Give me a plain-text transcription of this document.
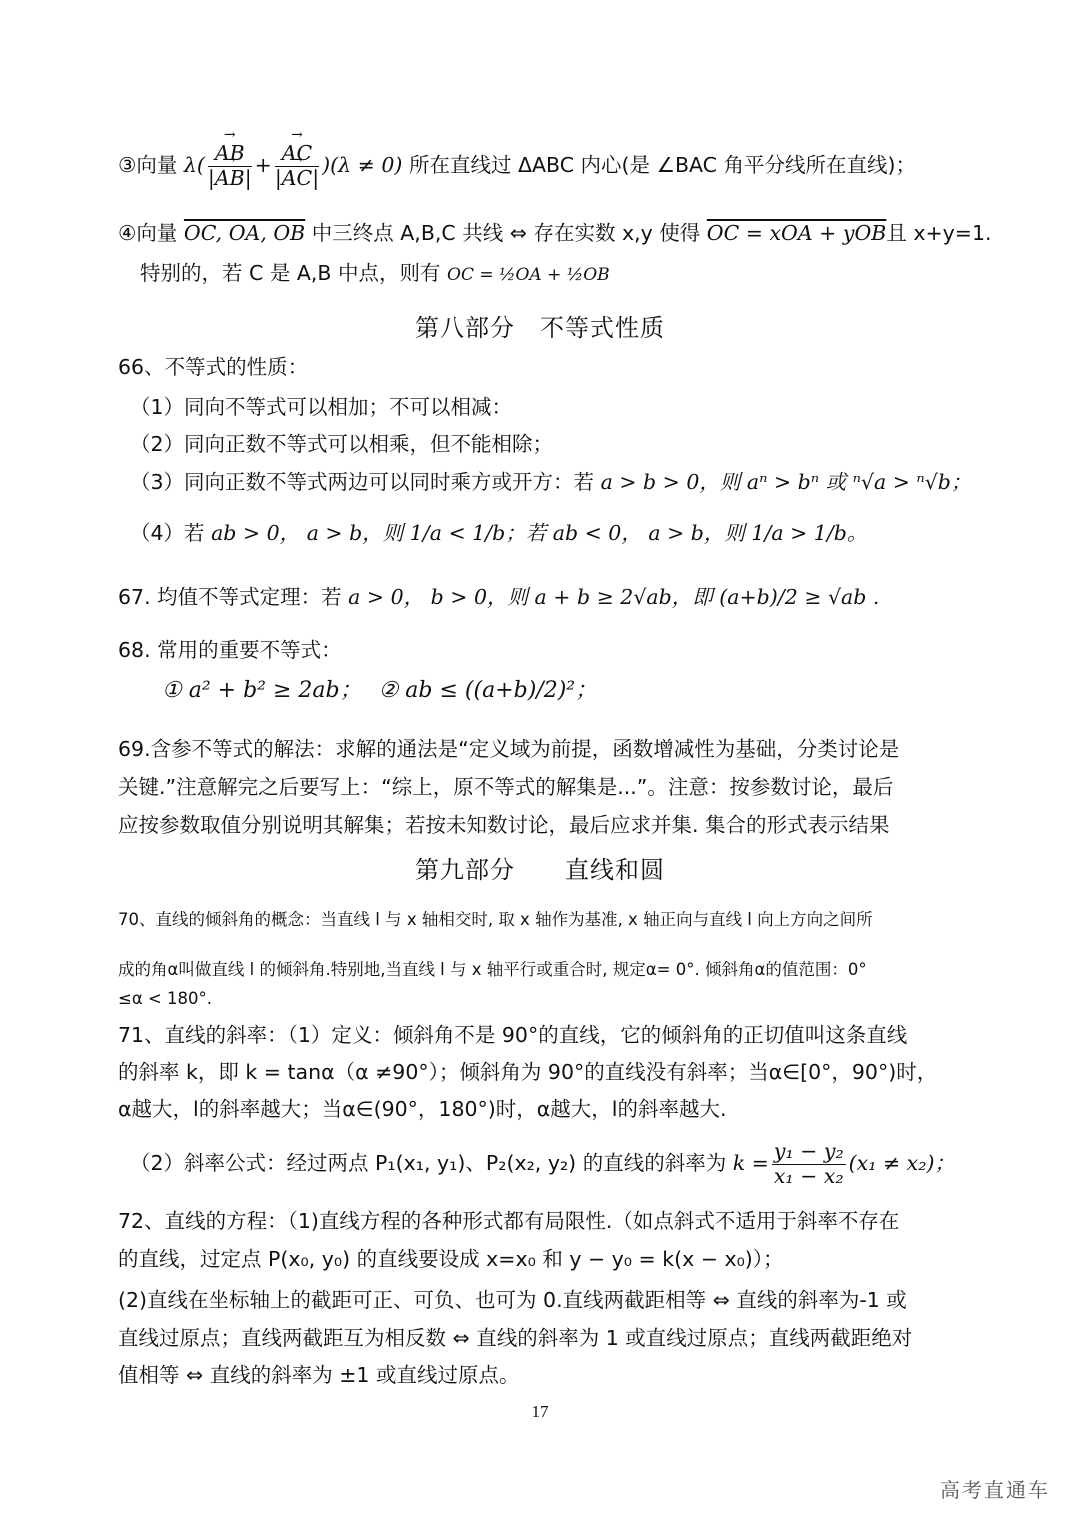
③向量 $\lambda( \to \frac{AB}{|\to AB|}$ + → $\frac{AC}{|\to AC|} )(\lambda \ne 0)$ 所在直线过 ΔABC 内心(是 ∠BAC 角平分线所在直线)；
④向量 OC, OA, OB 中三终点 A,B,C 共线 ⇔ 存在实数 x,y 使得 OC = xOA + yOB且 x+y=1.
特别的，若 C 是 A,B 中点，则有 OC = ½OA + ½OB
第八部分　不等式性质
66、不等式的性质：
（1）同向不等式可以相加；不可以相减：
（2）同向正数不等式可以相乘，但不能相除；
（3）同向正数不等式两边可以同时乘方或开方：若 a > b > 0，则 aⁿ > bⁿ 或 ⁿ√a > ⁿ√b；
（4）若 ab > 0， a > b，则 1/a < 1/b；若 ab < 0， a > b，则 1/a > 1/b。
67. 均值不等式定理：若 a > 0， b > 0，则 a + b ≥ 2√ab，即 (a+b)/2 ≥ √ab .
68. 常用的重要不等式：
① a² + b² ≥ 2ab； ② ab ≤ ((a+b)/2)²；
69.含参不等式的解法：求解的通法是“定义域为前提，函数增减性为基础，分类讨论是
关键.”注意解完之后要写上：“综上，原不等式的解集是...”。注意：按参数讨论，最后
应按参数取值分别说明其解集；若按未知数讨论，最后应求并集. 集合的形式表示结果
第九部分　　直线和圆
70、直线的倾斜角的概念：当直线 l 与 x 轴相交时, 取 x 轴作为基准, x 轴正向与直线 l 向上方向之间所
成的角α叫做直线 l 的倾斜角.特别地,当直线 l 与 x 轴平行或重合时, 规定α= 0°. 倾斜角α的值范围：0°
≤α < 180°.
71、直线的斜率：（1）定义：倾斜角不是 90°的直线，它的倾斜角的正切值叫这条直线
的斜率 k，即 k = tanα（α ≠90°）；倾斜角为 90°的直线没有斜率；当α∈[0°，90°)时，
α越大，l的斜率越大；当α∈(90°，180°)时，α越大，l的斜率越大.
（2）斜率公式：经过两点 P₁(x₁, y₁)、P₂(x₂, y₂) 的直线的斜率为 $k = \frac{\text{y₁ − y₂}}{\text{x₁ − x₂}} (x_1 \ne x_2)$；
72、直线的方程：（1)直线方程的各种形式都有局限性.（如点斜式不适用于斜率不存在
的直线，过定点 P(x₀, y₀) 的直线要设成 x=x₀ 和 y − y₀ = k(x − x₀)）；
(2)直线在坐标轴上的截距可正、可负、也可为 0.直线两截距相等 ⇔ 直线的斜率为-1 或
直线过原点；直线两截距互为相反数 ⇔ 直线的斜率为 1 或直线过原点；直线两截距绝对
值相等 ⇔ 直线的斜率为 ±1 或直线过原点。
17
高考直通车
